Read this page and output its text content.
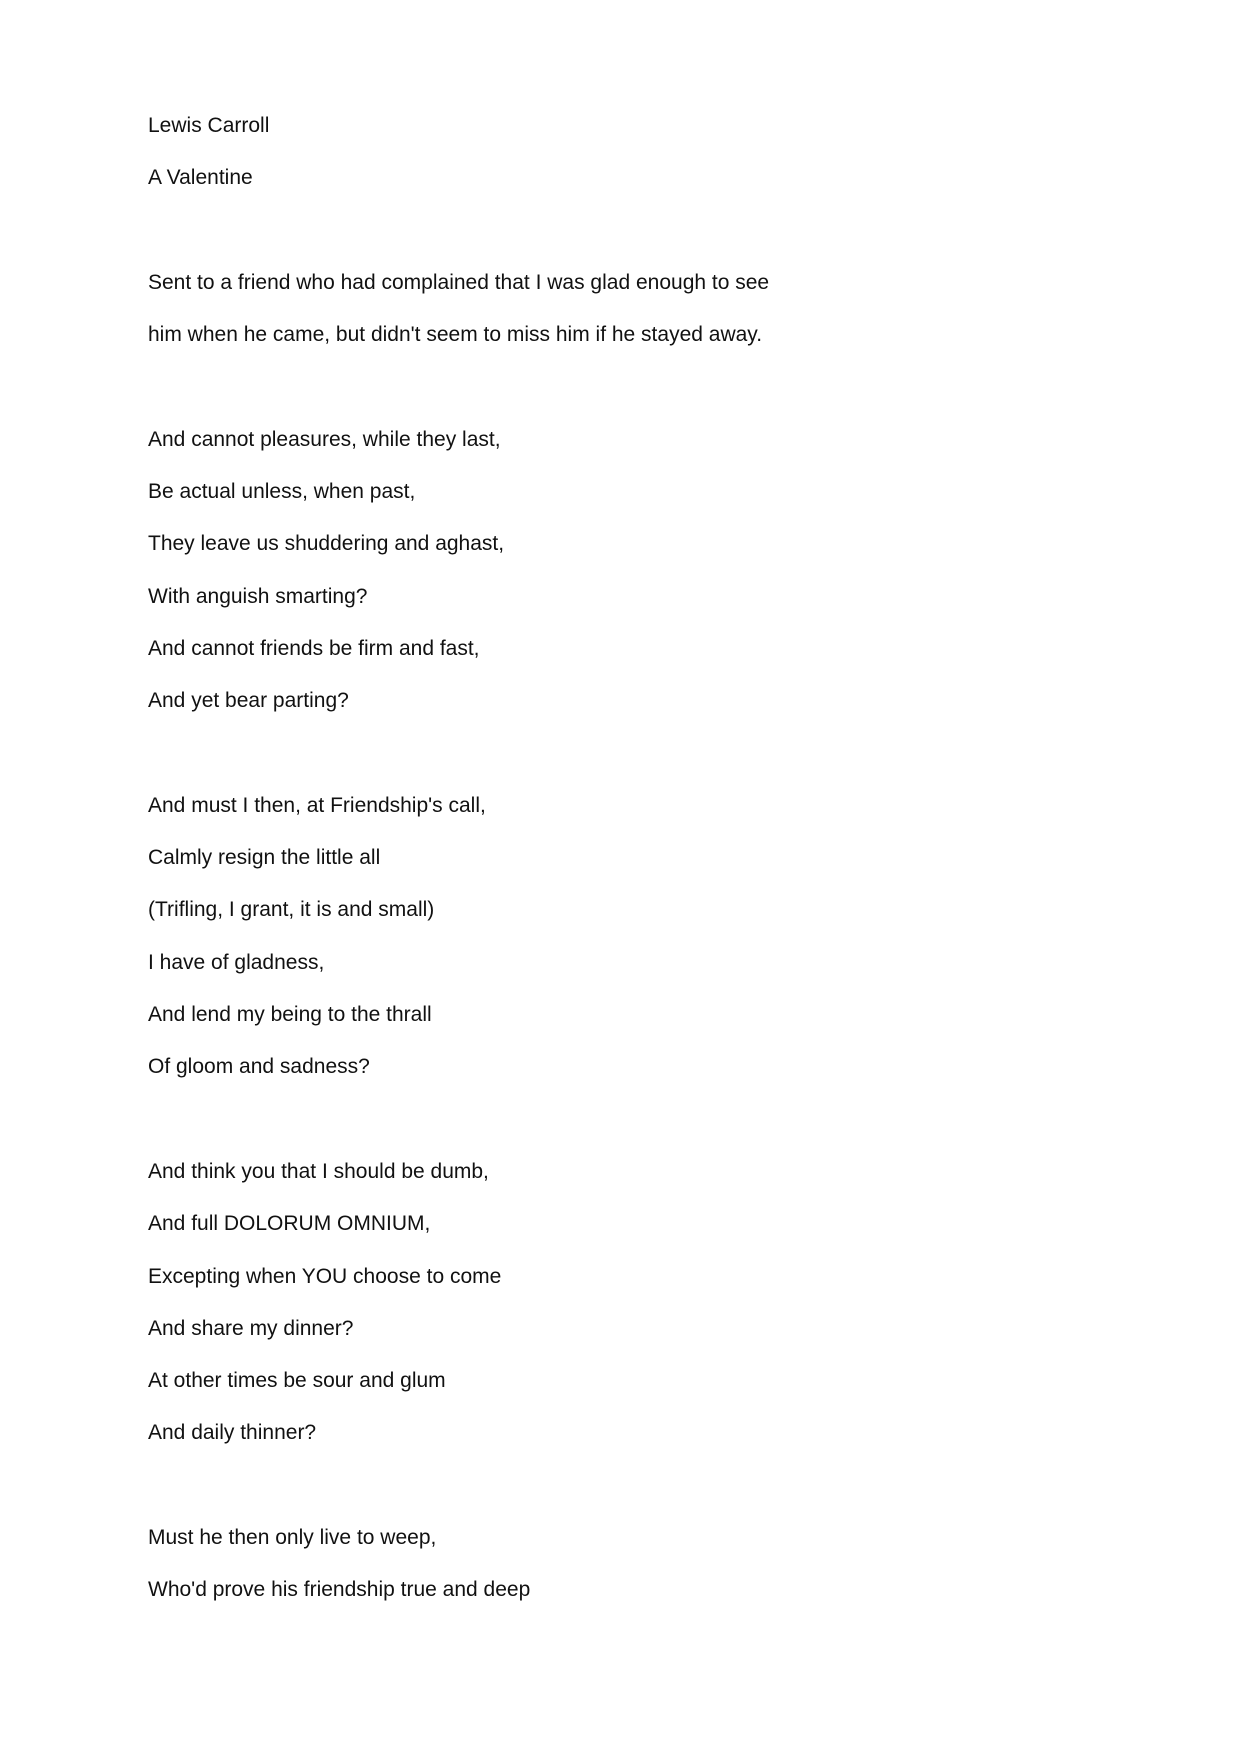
Lewis Carroll
A Valentine
Sent to a friend who had complained that I was glad enough to see
him when he came, but didn't seem to miss him if he stayed away.
And cannot pleasures, while they last,
Be actual unless, when past,
They leave us shuddering and aghast,
With anguish smarting?
And cannot friends be firm and fast,
And yet bear parting?
And must I then, at Friendship's call,
Calmly resign the little all
(Trifling, I grant, it is and small)
I have of gladness,
And lend my being to the thrall
Of gloom and sadness?
And think you that I should be dumb,
And full DOLORUM OMNIUM,
Excepting when YOU choose to come
And share my dinner?
At other times be sour and glum
And daily thinner?
Must he then only live to weep,
Who'd prove his friendship true and deep
